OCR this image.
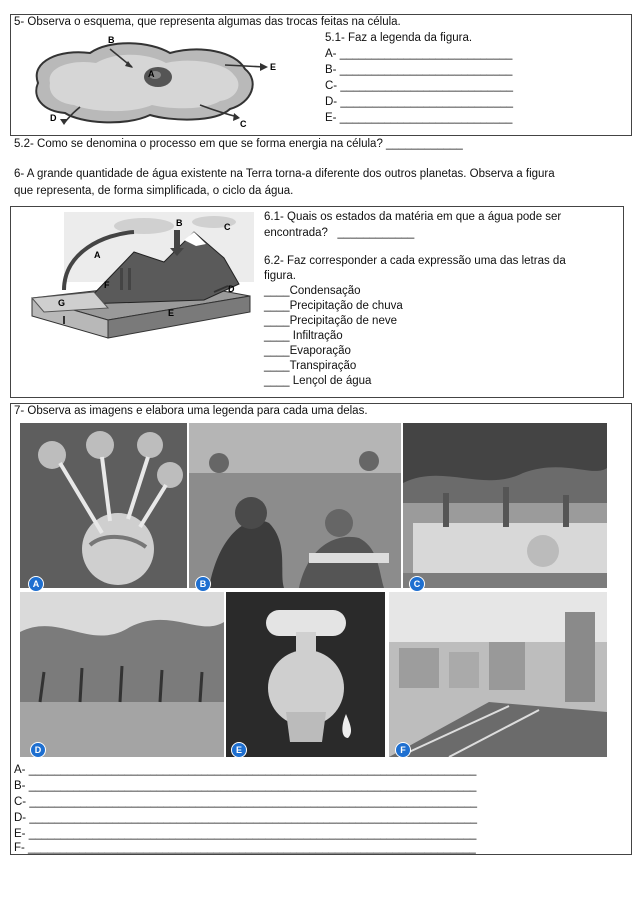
5- Observa o esquema, que representa algumas das trocas feitas na célula.
B
A
E
D
C
5.1- Faz a legenda da figura.
A- ___________________________
B- ___________________________
C- ___________________________
D- ___________________________
E- ___________________________
5.2- Como se denomina o processo em que se forma energia na célula? ____________
6- A grande quantidade de água existente na Terra torna-a diferente dos outros planetas. Observa a figura
que representa, de forma simplificada, o ciclo da água.
A
B	C
D
E
F
G
6.1- Quais os estados da matéria em que a água pode ser
encontrada?   ____________
6.2- Faz corresponder a cada expressão uma das letras da
figura.
____Condensação
____Precipitação de chuva
____Precipitação de neve
____ Infiltração
____Evaporação
____Transpiração
____ Lençol de água
7- Observa as imagens e elabora uma legenda para cada uma delas.
A	B	C
D	E	F
A- ______________________________________________________________________
B- ______________________________________________________________________
C- ______________________________________________________________________
D- ______________________________________________________________________
E- ______________________________________________________________________
F- ______________________________________________________________________
